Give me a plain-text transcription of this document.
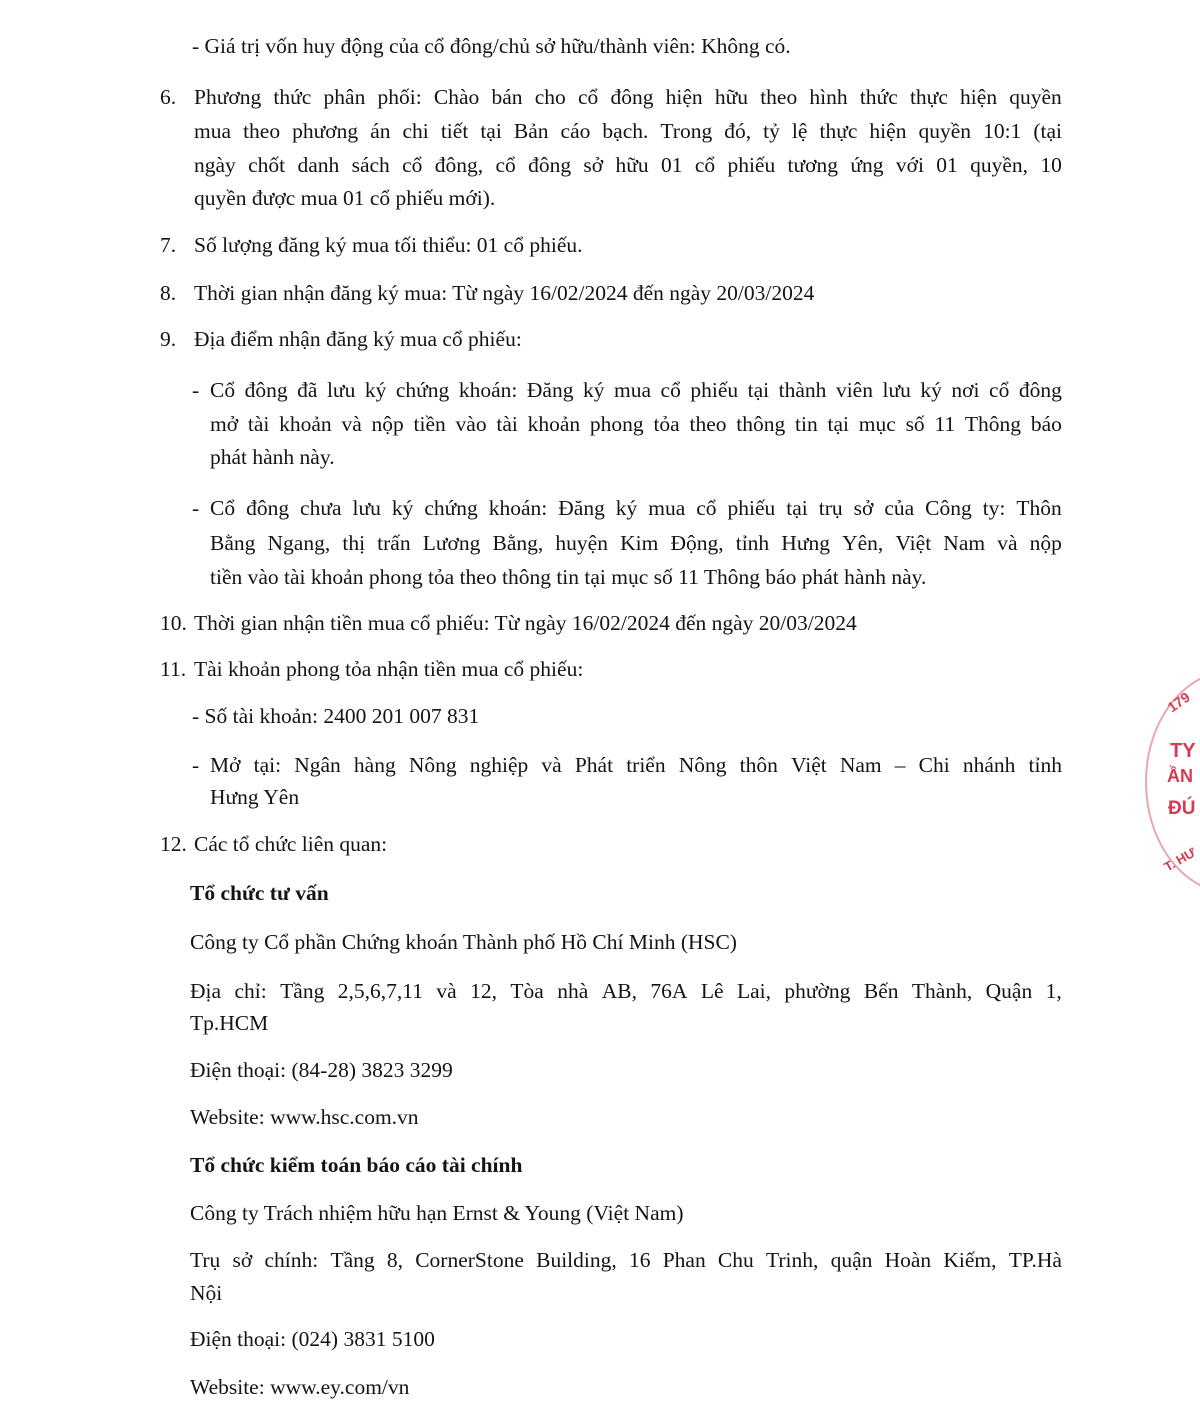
- Giá trị vốn huy động của cổ đông/chủ sở hữu/thành viên: Không có.
6. Phương thức phân phối: Chào bán cho cổ đông hiện hữu theo hình thức thực hiện quyền
mua theo phương án chi tiết tại Bản cáo bạch. Trong đó, tỷ lệ thực hiện quyền 10:1 (tại
ngày chốt danh sách cổ đông, cổ đông sở hữu 01 cổ phiếu tương ứng với 01 quyền, 10
quyền được mua 01 cổ phiếu mới).
7. Số lượng đăng ký mua tối thiểu: 01 cổ phiếu.
8. Thời gian nhận đăng ký mua: Từ ngày 16/02/2024 đến ngày 20/03/2024
9. Địa điểm nhận đăng ký mua cổ phiếu:
- Cổ đông đã lưu ký chứng khoán: Đăng ký mua cổ phiếu tại thành viên lưu ký nơi cổ đông
mở tài khoản và nộp tiền vào tài khoản phong tỏa theo thông tin tại mục số 11 Thông báo
phát hành này.
- Cổ đông chưa lưu ký chứng khoán: Đăng ký mua cổ phiếu tại trụ sở của Công ty: Thôn
Bằng Ngang, thị trấn Lương Bằng, huyện Kim Động, tỉnh Hưng Yên, Việt Nam và nộp
tiền vào tài khoản phong tỏa theo thông tin tại mục số 11 Thông báo phát hành này.
10. Thời gian nhận tiền mua cổ phiếu: Từ ngày 16/02/2024 đến ngày 20/03/2024
11. Tài khoản phong tỏa nhận tiền mua cổ phiếu:
- Số tài khoản: 2400 201 007 831
- Mở tại: Ngân hàng Nông nghiệp và Phát triển Nông thôn Việt Nam – Chi nhánh tỉnh
Hưng Yên
12. Các tổ chức liên quan:
Tổ chức tư vấn
Công ty Cổ phần Chứng khoán Thành phố Hồ Chí Minh (HSC)
Địa chỉ: Tầng 2,5,6,7,11 và 12, Tòa nhà AB, 76A Lê Lai, phường Bến Thành, Quận 1,
Tp.HCM
Điện thoại: (84-28) 3823 3299
Website: www.hsc.com.vn
Tổ chức kiểm toán báo cáo tài chính
Công ty Trách nhiệm hữu hạn Ernst & Young (Việt Nam)
Trụ sở chính: Tầng 8, CornerStone Building, 16 Phan Chu Trinh, quận Hoàn Kiếm, TP.Hà
Nội
Điện thoại: (024) 3831 5100
Website: www.ey.com/vn
179
TY
ẦN
ĐÚ
T. HƯ
